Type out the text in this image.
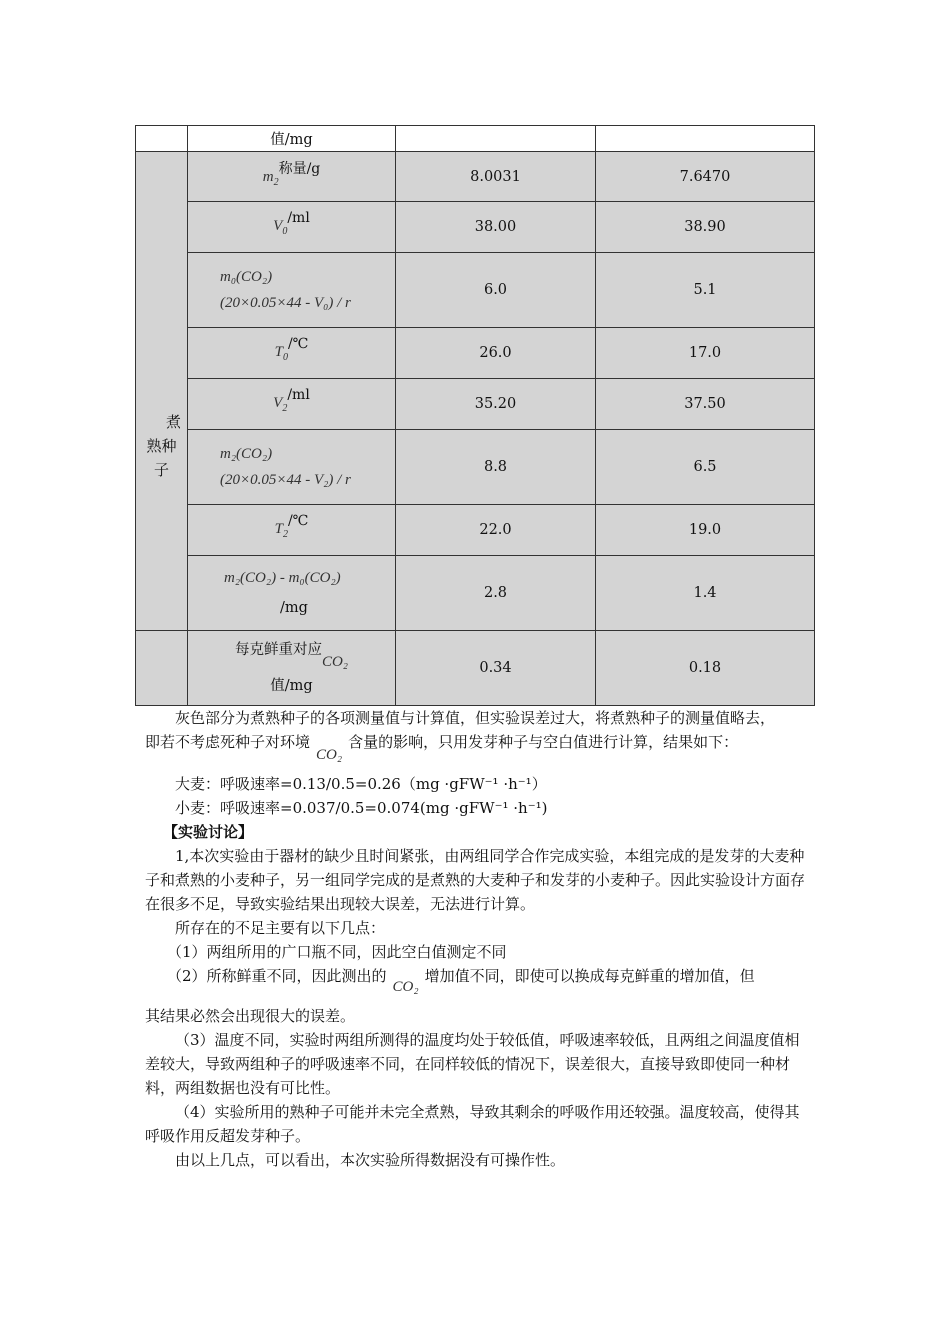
	值/mg		

煮
熟种
子	$m_2$称量/g	8.0031	7.6470
	$V_0/ml$	38.00	38.90

	m₀(CO₂)
(20×0.05×44 - V₀) / r	6.0	5.1
	$T_0/℃$	26.0	17.0
	$V_2/ml$	35.20	37.50

	m₂(CO₂)
(20×0.05×44 - V₂) / r	8.8	6.5
	$T_2/℃$	22.0	19.0

	m₂(CO₂) - m₀(CO₂)
/mg	2.8	1.4

	每克鲜重对应CO₂
值/mg	0.34	0.18

灰色部分为煮熟种子的各项测量值与计算值，但实验误差过大，将煮熟种子的测量值略去，

即若不考虑死种子对环境CO₂含量的影响，只用发芽种子与空白值进行计算，结果如下：

大麦：呼吸速率=0.13/0.5=0.26（mg ·gFW⁻¹ ·h⁻¹）

小麦：呼吸速率=0.037/0.5=0.074(mg ·gFW⁻¹ ·h⁻¹)

【实验讨论】

1,本次实验由于器材的缺少且时间紧张，由两组同学合作完成实验，本组完成的是发芽的大麦种子和煮熟的小麦种子，另一组同学完成的是煮熟的大麦种子和发芽的小麦种子。因此实验设计方面存在很多不足，导致实验结果出现较大误差，无法进行计算。

所存在的不足主要有以下几点：

（1）两组所用的广口瓶不同，因此空白值测定不同

（2）所称鲜重不同，因此测出的CO₂增加值不同，即使可以换成每克鲜重的增加值，但

其结果必然会出现很大的误差。

（3）温度不同，实验时两组所测得的温度均处于较低值，呼吸速率较低，且两组之间温度值相差较大，导致两组种子的呼吸速率不同，在同样较低的情况下，误差很大，直接导致即使同一种材料，两组数据也没有可比性。

（4）实验所用的熟种子可能并未完全煮熟，导致其剩余的呼吸作用还较强。温度较高，使得其呼吸作用反超发芽种子。

由以上几点，可以看出，本次实验所得数据没有可操作性。
